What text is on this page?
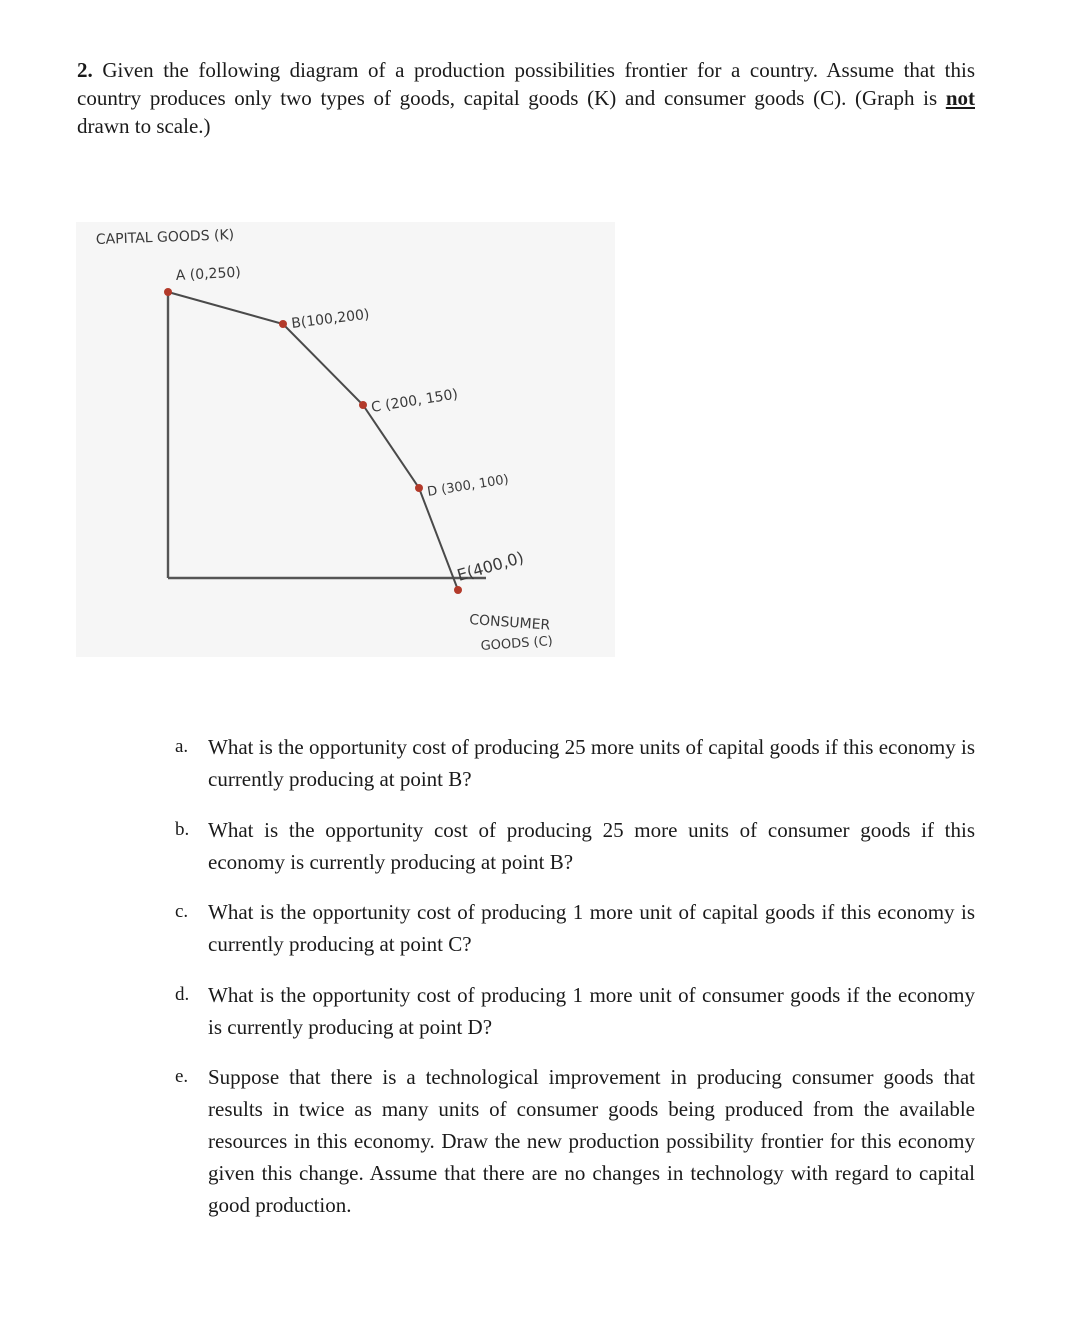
2. Given the following diagram of a production possibilities frontier for a country. Assume that this country produces only two types of goods, capital goods (K) and consumer goods (C). (Graph is not drawn to scale.)
CAPITAL GOODS (K)
CONSUMER
GOODS (C)
A (0,250)
B(100,200)
C (200, 150)
D (300, 100)
E(400,0)
a. What is the opportunity cost of producing 25 more units of capital goods if this economy is currently producing at point B?
b. What is the opportunity cost of producing 25 more units of consumer goods if this economy is currently producing at point B?
c. What is the opportunity cost of producing 1 more unit of capital goods if this economy is currently producing at point C?
d. What is the opportunity cost of producing 1 more unit of consumer goods if the economy is currently producing at point D?
e. Suppose that there is a technological improvement in producing consumer goods that results in twice as many units of consumer goods being produced from the available resources in this economy. Draw the new production possibility frontier for this economy given this change. Assume that there are no changes in technology with regard to capital good production.
